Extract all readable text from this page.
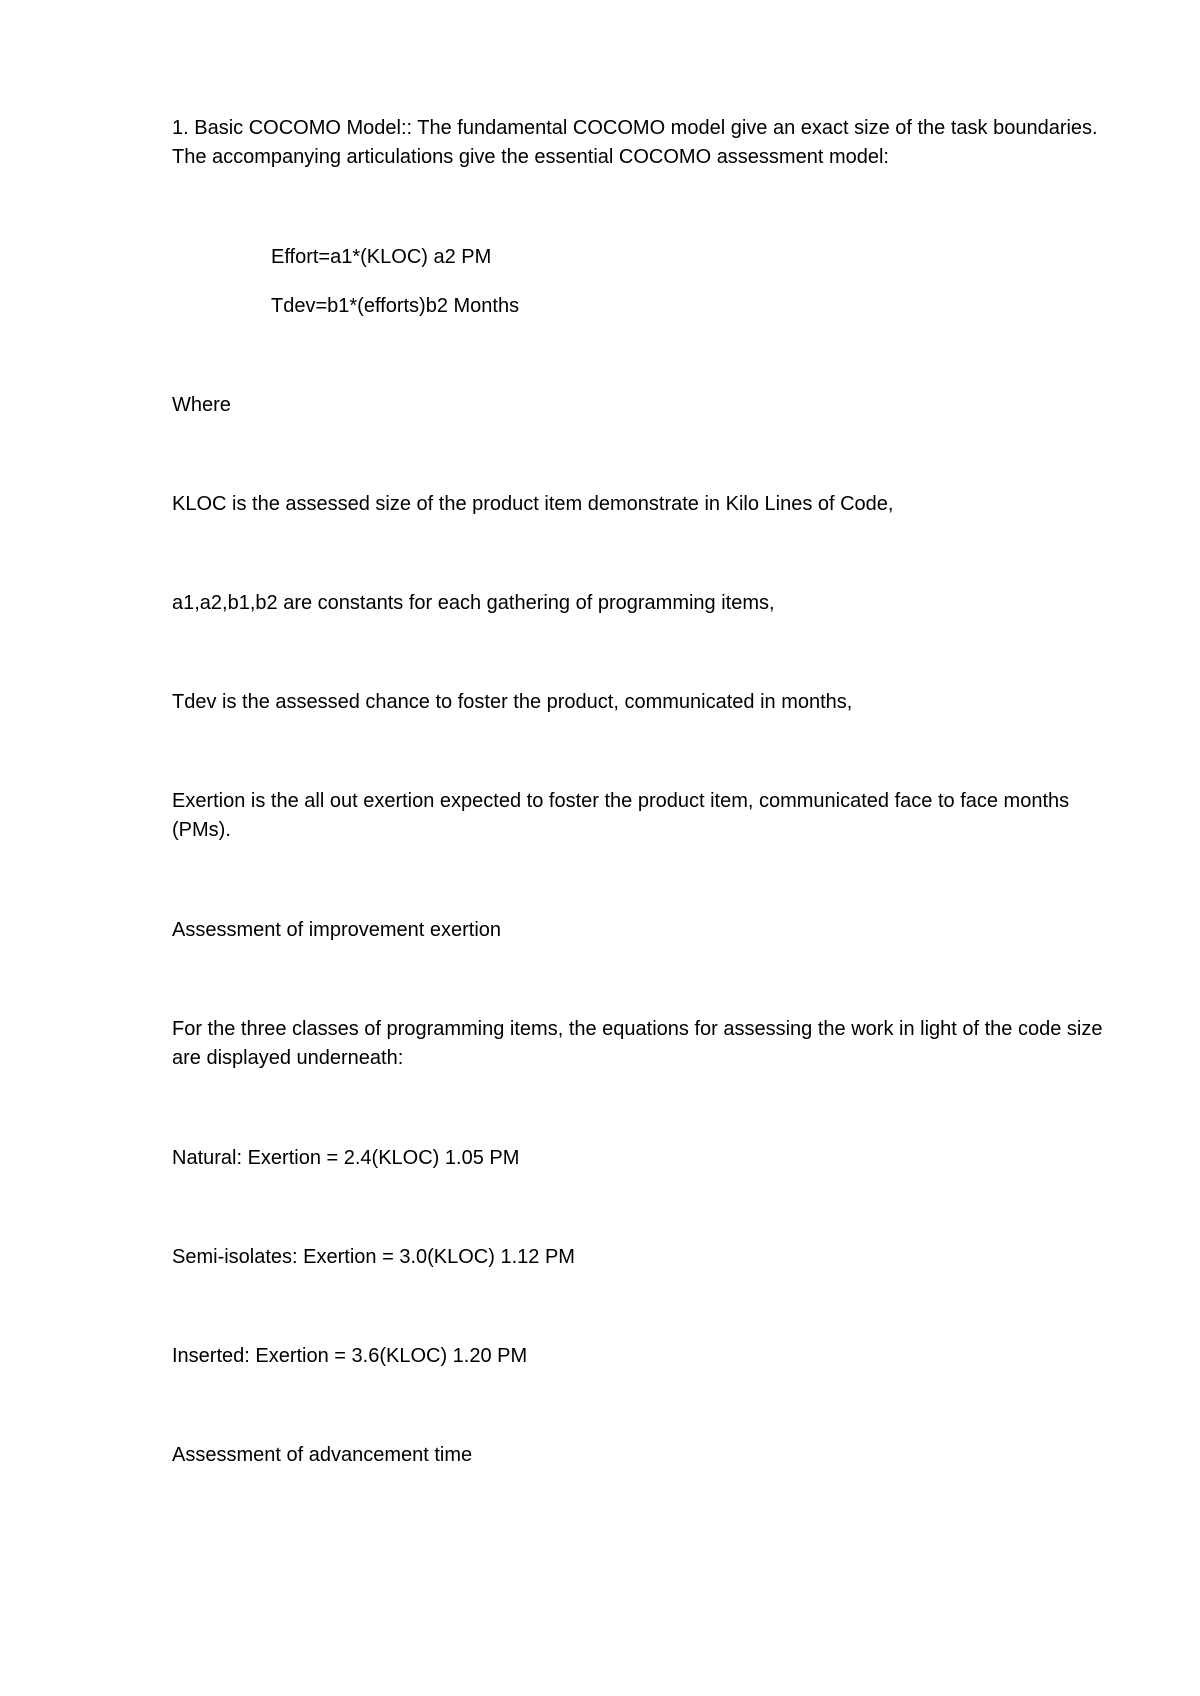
1. Basic COCOMO Model:: The fundamental COCOMO model give an exact size of the task boundaries. The accompanying articulations give the essential COCOMO assessment model:

Effort=a1*(KLOC) a2 PM

Tdev=b1*(efforts)b2 Months

Where

KLOC is the assessed size of the product item demonstrate in Kilo Lines of Code,

a1,a2,b1,b2 are constants for each gathering of programming items,

Tdev is the assessed chance to foster the product, communicated in months,

Exertion is the all out exertion expected to foster the product item, communicated face to face months (PMs).

Assessment of improvement exertion

For the three classes of programming items, the equations for assessing the work in light of the code size are displayed underneath:

Natural: Exertion = 2.4(KLOC) 1.05 PM

Semi-isolates: Exertion = 3.0(KLOC) 1.12 PM

Inserted: Exertion = 3.6(KLOC) 1.20 PM

Assessment of advancement time
